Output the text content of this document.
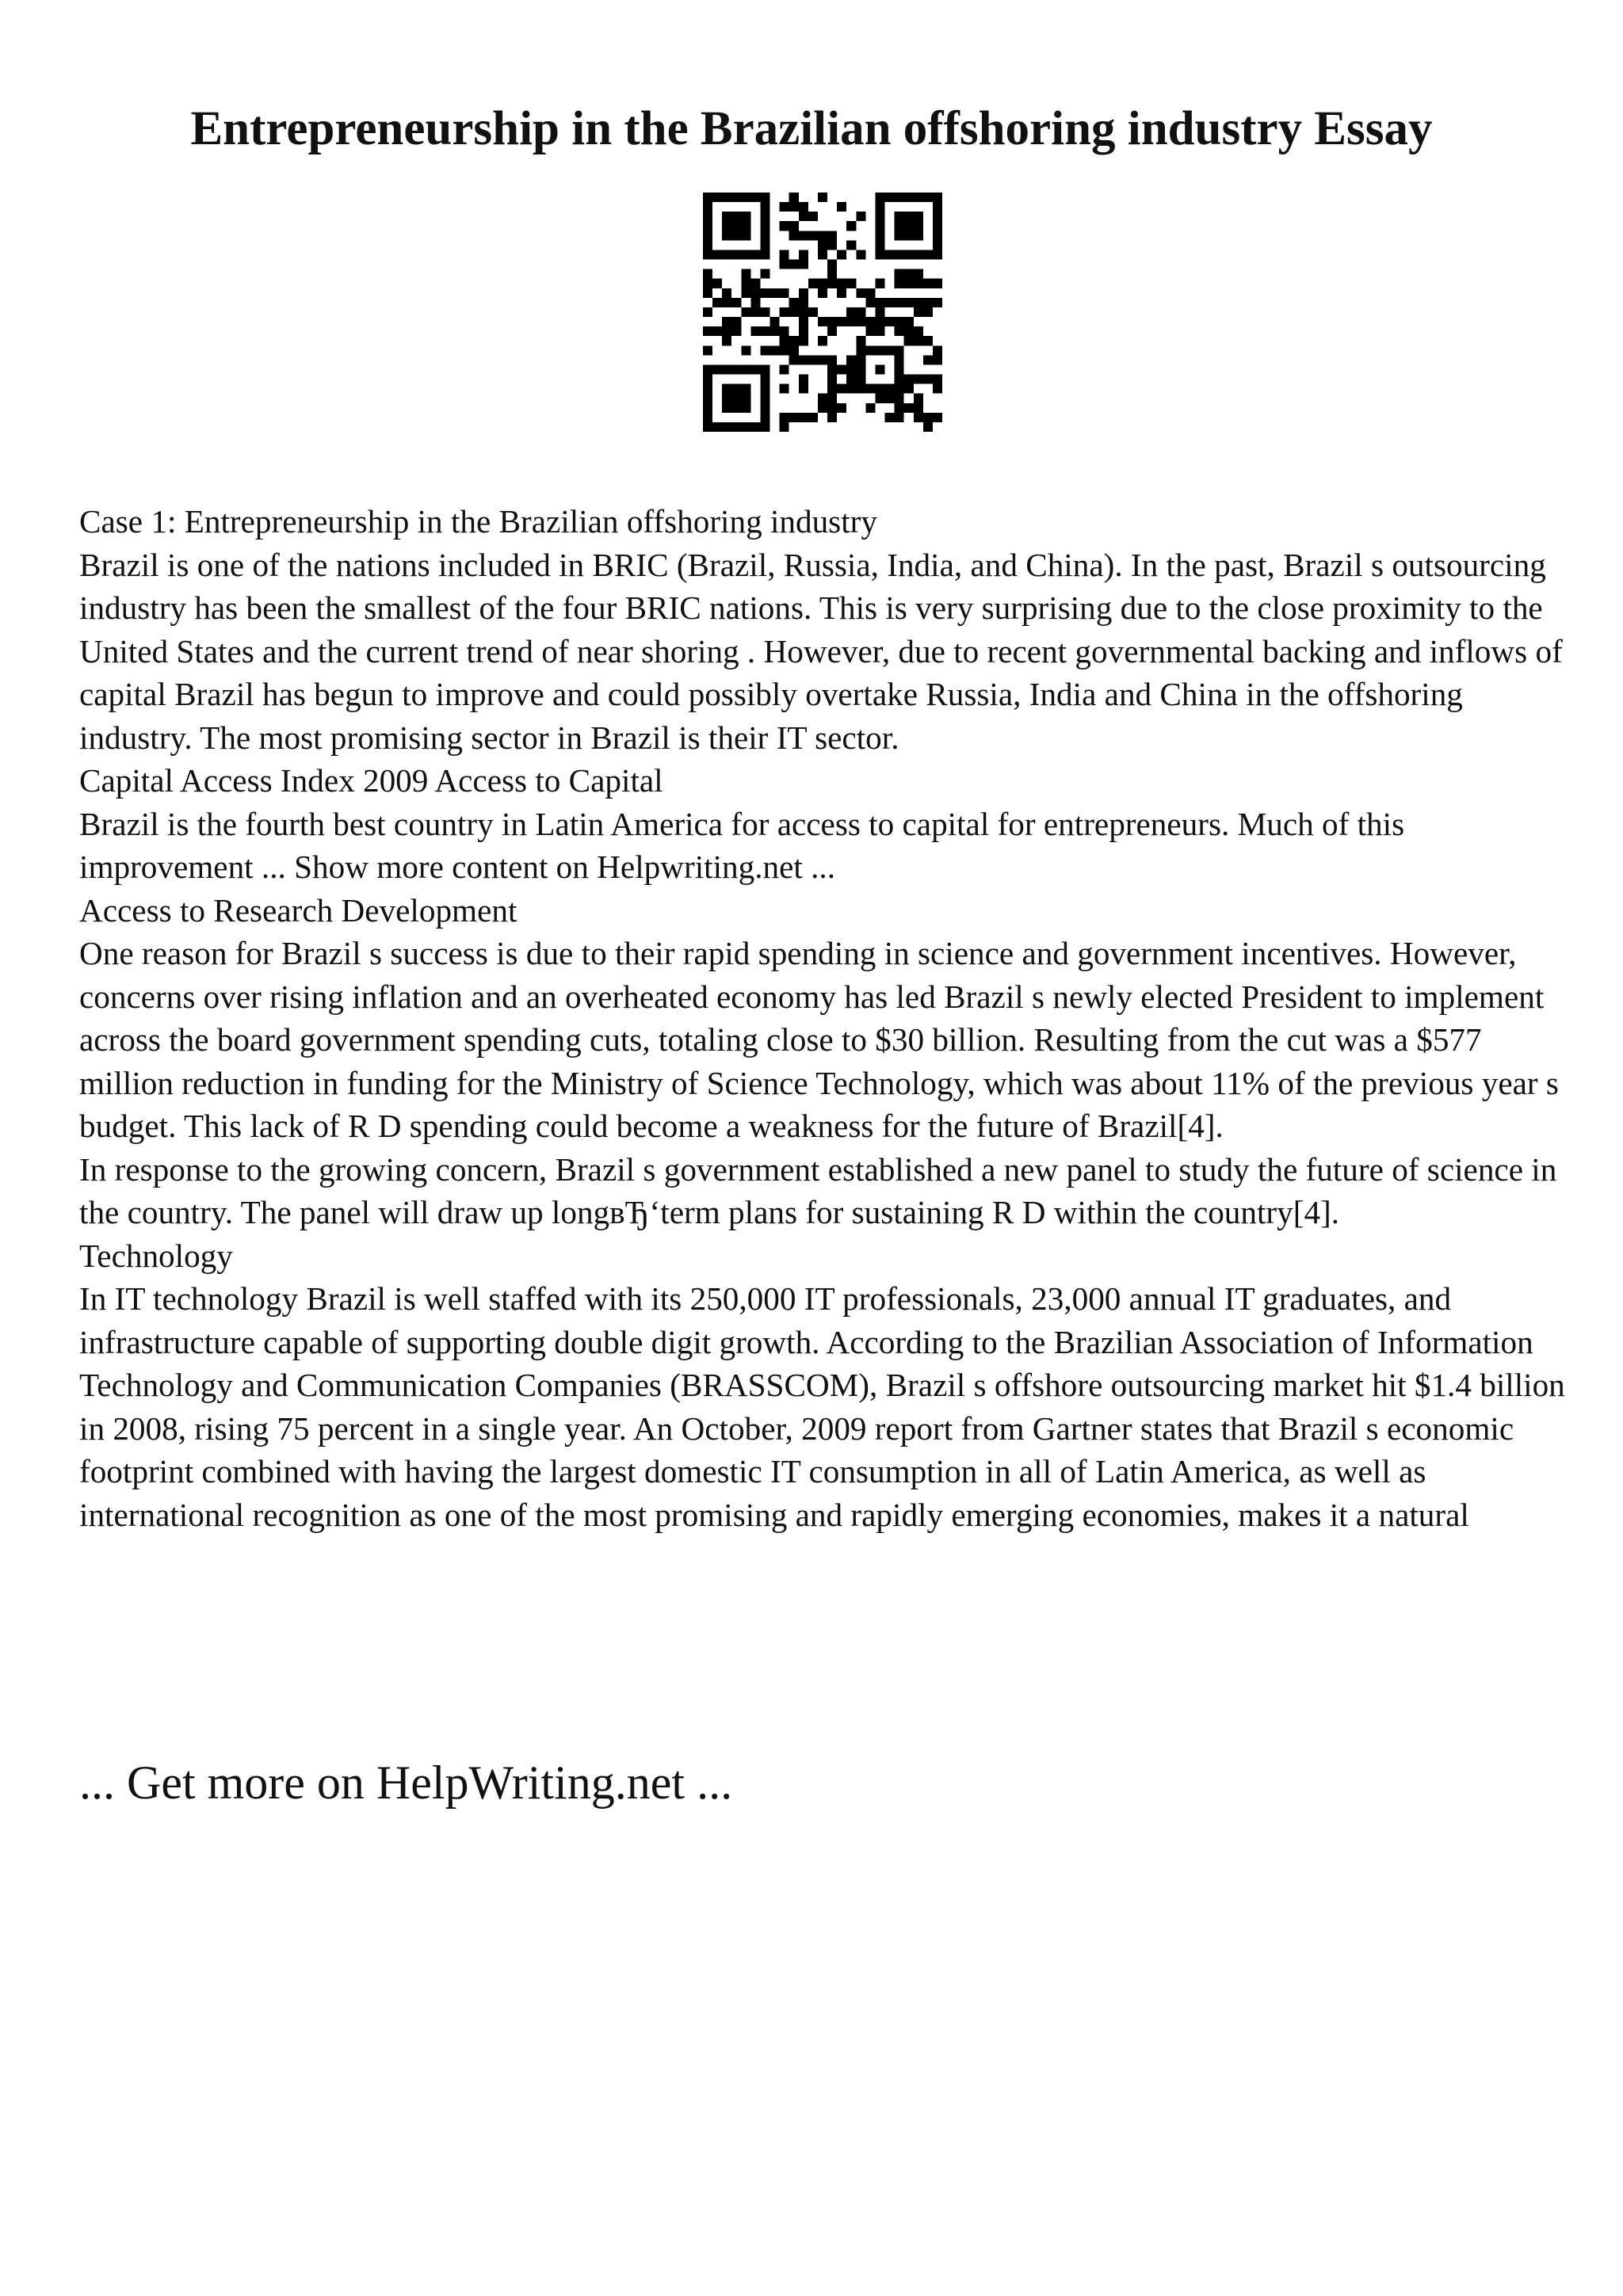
Entrepreneurship in the Brazilian offshoring industry Essay

Case 1: Entrepreneurship in the Brazilian offshoring industry

Brazil is one of the nations included in BRIC (Brazil, Russia, India, and China). In the past, Brazil s outsourcing industry has been the smallest of the four BRIC nations. This is very surprising due to the close proximity to the United States and the current trend of near shoring . However, due to recent governmental backing and inflows of capital Brazil has begun to improve and could possibly overtake Russia, India and China in the offshoring industry. The most promising sector in Brazil is their IT sector.

Capital Access Index 2009 Access to Capital

Brazil is the fourth best country in Latin America for access to capital for entrepreneurs. Much of this improvement ... Show more content on Helpwriting.net ...

Access to Research Development

One reason for Brazil s success is due to their rapid spending in science and government incentives. However, concerns over rising inflation and an overheated economy has led Brazil s newly elected President to implement across the board government spending cuts, totaling close to $30 billion. Resulting from the cut was a $577 million reduction in funding for the Ministry of Science Technology, which was about 11% of the previous year s budget. This lack of R D spending could become a weakness for the future of Brazil[4].

In response to the growing concern, Brazil s government established a new panel to study the future of science in the country. The panel will draw up longвЂ‘term plans for sustaining R D within the country[4].

Technology

In IT technology Brazil is well staffed with its 250,000 IT professionals, 23,000 annual IT graduates, and infrastructure capable of supporting double digit growth. According to the Brazilian Association of Information Technology and Communication Companies (BRASSCOM), Brazil s offshore outsourcing market hit $1.4 billion in 2008, rising 75 percent in a single year. An October, 2009 report from Gartner states that Brazil s economic footprint combined with having the largest domestic IT consumption in all of Latin America, as well as international recognition as one of the most promising and rapidly emerging economies, makes it a natural

... Get more on HelpWriting.net ...
